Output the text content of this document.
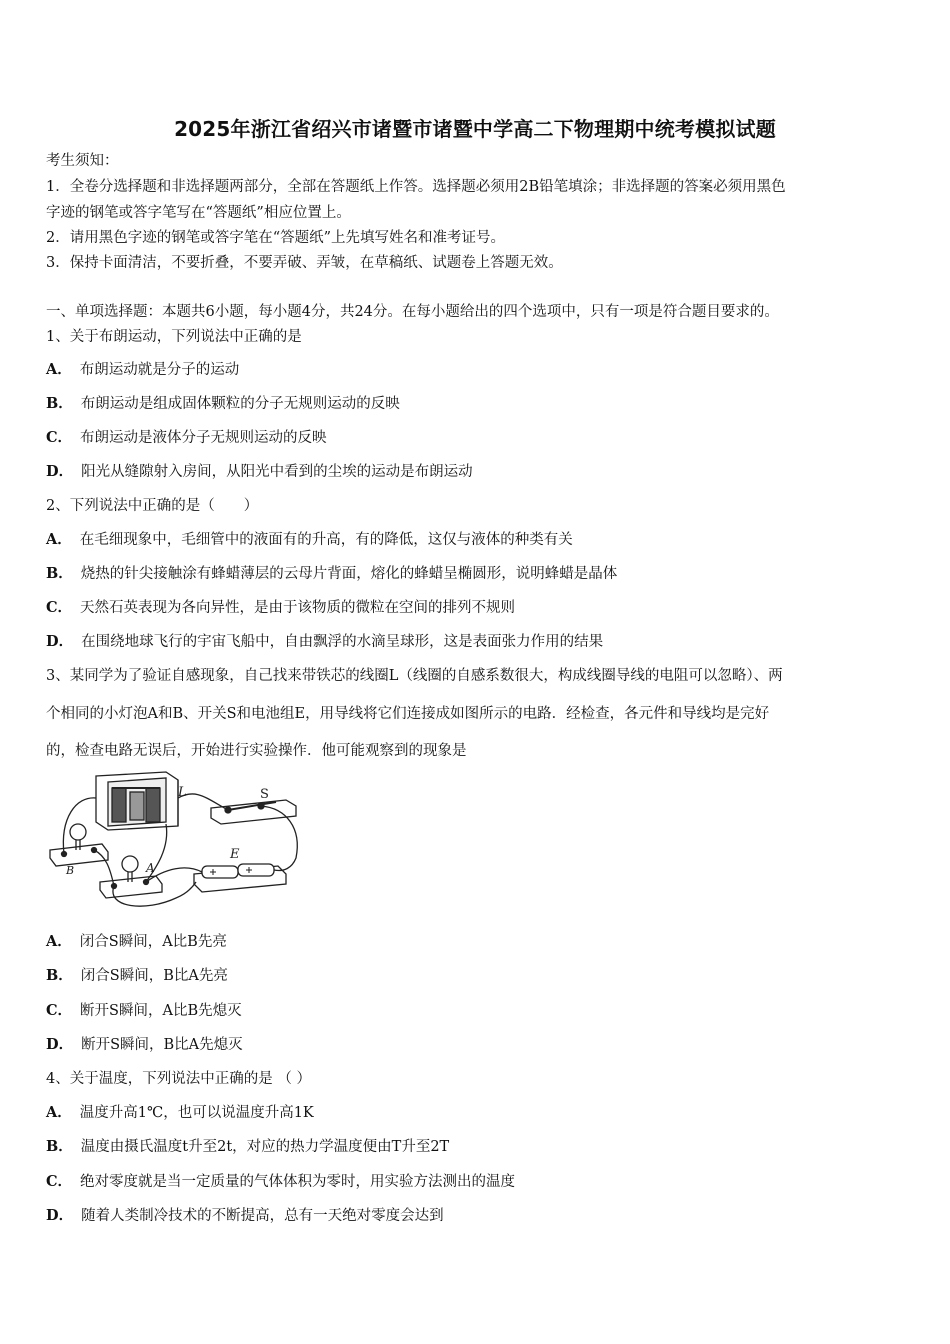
2025年浙江省绍兴市诸暨市诸暨中学高二下物理期中统考模拟试题
考生须知：
1．全卷分选择题和非选择题两部分，全部在答题纸上作答。选择题必须用2B铅笔填涂；非选择题的答案必须用黑色
字迹的钢笔或答字笔写在“答题纸”相应位置上。
2．请用黑色字迹的钢笔或答字笔在“答题纸”上先填写姓名和准考证号。
3．保持卡面清洁，不要折叠，不要弄破、弄皱，在草稿纸、试题卷上答题无效。
一、单项选择题：本题共6小题，每小题4分，共24分。在每小题给出的四个选项中，只有一项是符合题目要求的。
1、关于布朗运动，下列说法中正确的是
A． 布朗运动就是分子的运动
B． 布朗运动是组成固体颗粒的分子无规则运动的反映
C． 布朗运动是液体分子无规则运动的反映
D． 阳光从缝隙射入房间，从阳光中看到的尘埃的运动是布朗运动
2、下列说法中正确的是（　　）
A． 在毛细现象中，毛细管中的液面有的升高，有的降低，这仅与液体的种类有关
B． 烧热的针尖接触涂有蜂蜡薄层的云母片背面，熔化的蜂蜡呈椭圆形，说明蜂蜡是晶体
C． 天然石英表现为各向异性，是由于该物质的微粒在空间的排列不规则
D． 在围绕地球飞行的宇宙飞船中，自由飘浮的水滴呈球形，这是表面张力作用的结果
3、某同学为了验证自感现象，自己找来带铁芯的线圈L（线圈的自感系数很大，构成线圈导线的电阻可以忽略）、两
个相同的小灯泡A和B、开关S和电池组E，用导线将它们连接成如图所示的电路．经检查，各元件和导线均是完好
的，检查电路无误后，开始进行实验操作．他可能观察到的现象是
L	S
E
A
B
A． 闭合S瞬间，A比B先亮
B． 闭合S瞬间，B比A先亮
C． 断开S瞬间，A比B先熄灭
D． 断开S瞬间，B比A先熄灭
4、关于温度，下列说法中正确的是 （ ）
A． 温度升高1℃，也可以说温度升高1K
B． 温度由摄氏温度t升至2t，对应的热力学温度便由T升至2T
C． 绝对零度就是当一定质量的气体体积为零时，用实验方法测出的温度
D． 随着人类制冷技术的不断提高，总有一天绝对零度会达到
